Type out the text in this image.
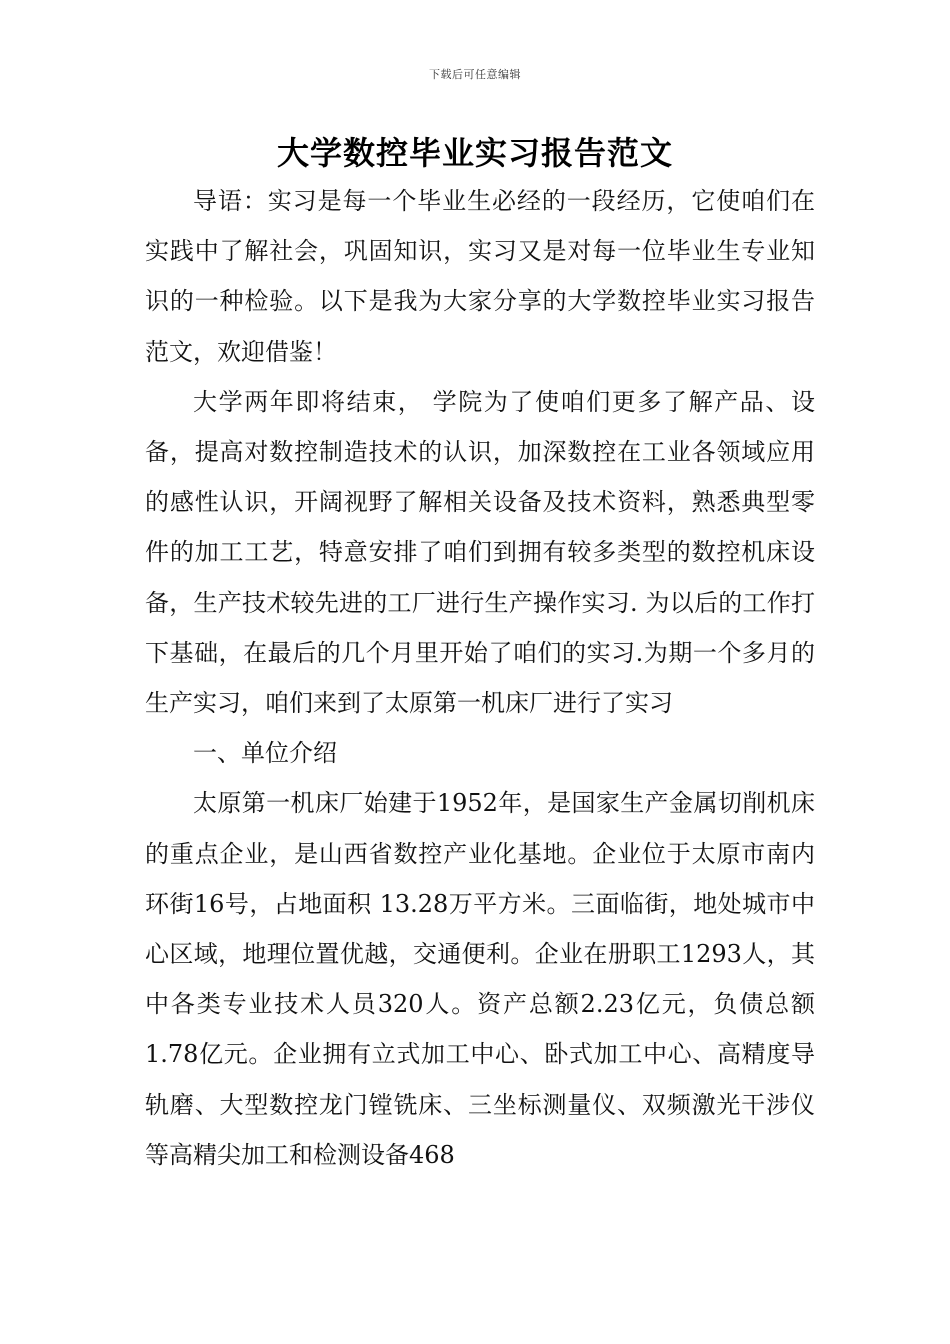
下载后可任意编辑
大学数控毕业实习报告范文

导语：实习是每一个毕业生必经的一段经历，它使咱们在实践中了解社会，巩固知识，实习又是对每一位毕业生专业知识的一种检验。以下是我为大家分享的大学数控毕业实习报告范文，欢迎借鉴！

大学两年即将结束， 学院为了使咱们更多了解产品、设备，提高对数控制造技术的认识，加深数控在工业各领域应用的感性认识，开阔视野了解相关设备及技术资料，熟悉典型零件的加工工艺，特意安排了咱们到拥有较多类型的数控机床设备，生产技术较先进的工厂进行生产操作实习. 为以后的工作打下基础，在最后的几个月里开始了咱们的实习.为期一个多月的生产实习，咱们来到了太原第一机床厂进行了实习

一、单位介绍

太原第一机床厂始建于1952年，是国家生产金属切削机床的重点企业，是山西省数控产业化基地。企业位于太原市南内环街16号，占地面积 13.28万平方米。三面临街，地处城市中心区域，地理位置优越，交通便利。企业在册职工1293人，其中各类专业技术人员320人。资产总额2.23亿元，负债总额1.78亿元。企业拥有立式加工中心、卧式加工中心、高精度导轨磨、大型数控龙门镗铣床、三坐标测量仪、双频激光干涉仪等高精尖加工和检测设备468
